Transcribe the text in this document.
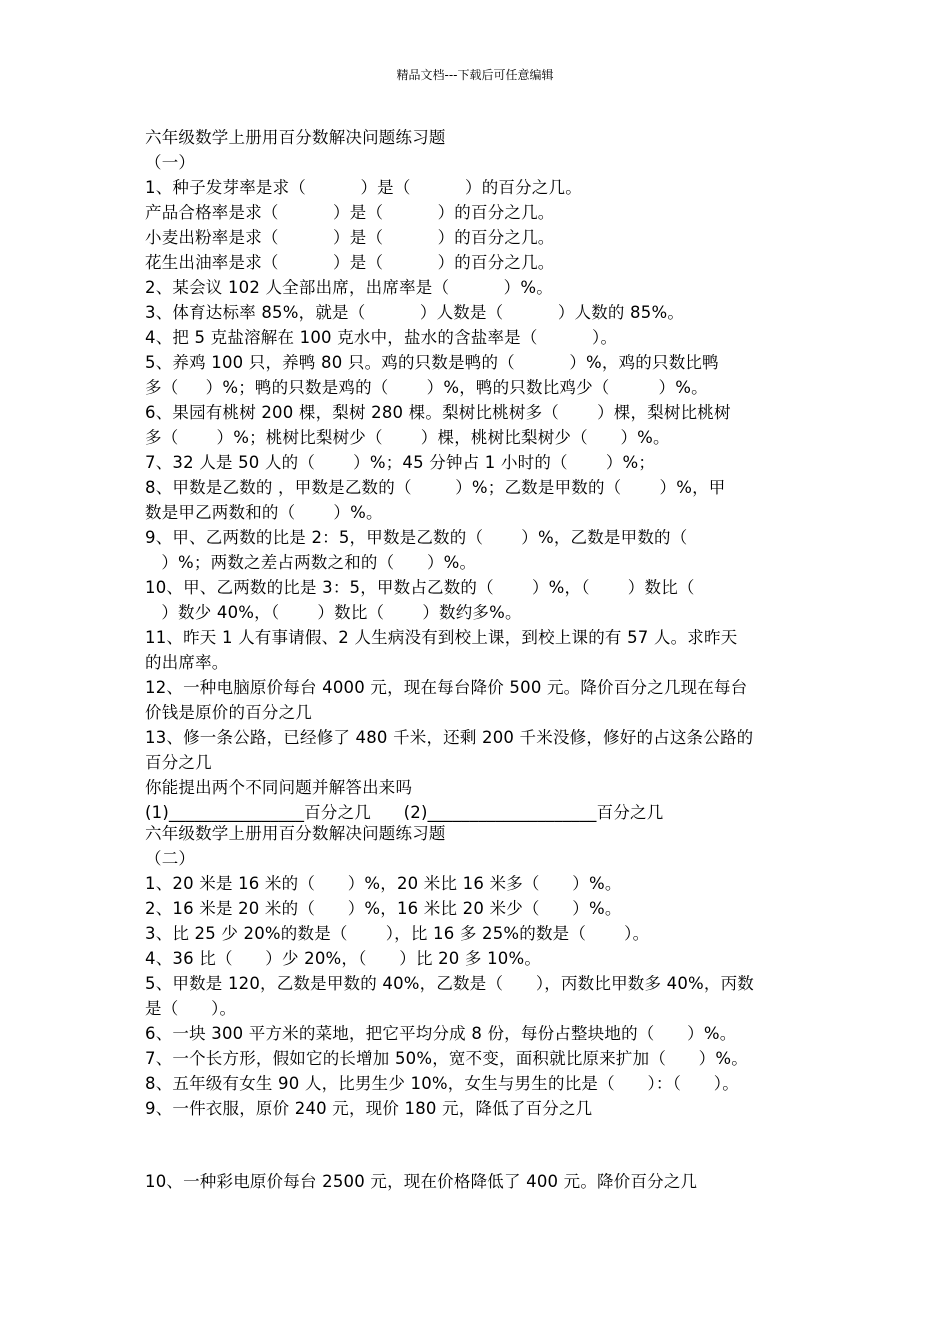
精品文档---下载后可任意编辑
六年级数学上册用百分数解决问题练习题
（一）
1、种子发芽率是求（          ）是（          ）的百分之几。
产品合格率是求（          ）是（          ）的百分之几。
小麦出粉率是求（          ）是（          ）的百分之几。
花生出油率是求（          ）是（          ）的百分之几。
2、某会议 102 人全部出席，出席率是（          ）%。
3、体育达标率 85%，就是（          ）人数是（          ）人数的 85%。
4、把 5 克盐溶解在 100 克水中，盐水的含盐率是（          ）。
5、养鸡 100 只，养鸭 80 只。鸡的只数是鸭的（          ）%，鸡的只数比鸭
多（     ）%；鸭的只数是鸡的（       ）%，鸭的只数比鸡少（         ）%。
6、果园有桃树 200 棵，梨树 280 棵。梨树比桃树多（       ）棵，梨树比桃树
多（       ）%；桃树比梨树少（       ）棵，桃树比梨树少（      ）%。
7、32 人是 50 人的（       ）%；45 分钟占 1 小时的（       ）%；
8、甲数是乙数的 ，甲数是乙数的（        ）%；乙数是甲数的（       ）%，甲
数是甲乙两数和的（       ）%。
9、甲、乙两数的比是 2：5，甲数是乙数的（       ）%，乙数是甲数的（
）%；两数之差占两数之和的（      ）%。
10、甲、乙两数的比是 3：5，甲数占乙数的（       ）%，（       ）数比（
）数少 40%，（       ）数比（       ）数约多%。
11、昨天 1 人有事请假、2 人生病没有到校上课，到校上课的有 57 人。求昨天
的出席率。
12、一种电脑原价每台 4000 元，现在每台降价 500 元。降价百分之几现在每台
价钱是原价的百分之几
13、修一条公路，已经修了 480 千米，还剩 200 千米没修，修好的占这条公路的
百分之几
你能提出两个不同问题并解答出来吗
(1)________________百分之几      (2)____________________百分之几
六年级数学上册用百分数解决问题练习题
（二）
1、20 米是 16 米的（      ）%，20 米比 16 米多（      ）%。
2、16 米是 20 米的（      ）%，16 米比 20 米少（      ）%。
3、比 25 少 20%的数是（       ），比 16 多 25%的数是（       ）。
4、36 比（      ）少 20%，（      ）比 20 多 10%。
5、甲数是 120，乙数是甲数的 40%，乙数是（      ），丙数比甲数多 40%，丙数
是（      ）。
6、一块 300 平方米的菜地，把它平均分成 8 份，每份占整块地的（      ）%。
7、一个长方形，假如它的长增加 50%，宽不变，面积就比原来扩加（      ）%。
8、五年级有女生 90 人，比男生少 10%，女生与男生的比是（      ）：（      ）。
9、一件衣服，原价 240 元，现价 180 元，降低了百分之几
10、一种彩电原价每台 2500 元，现在价格降低了 400 元。降价百分之几
